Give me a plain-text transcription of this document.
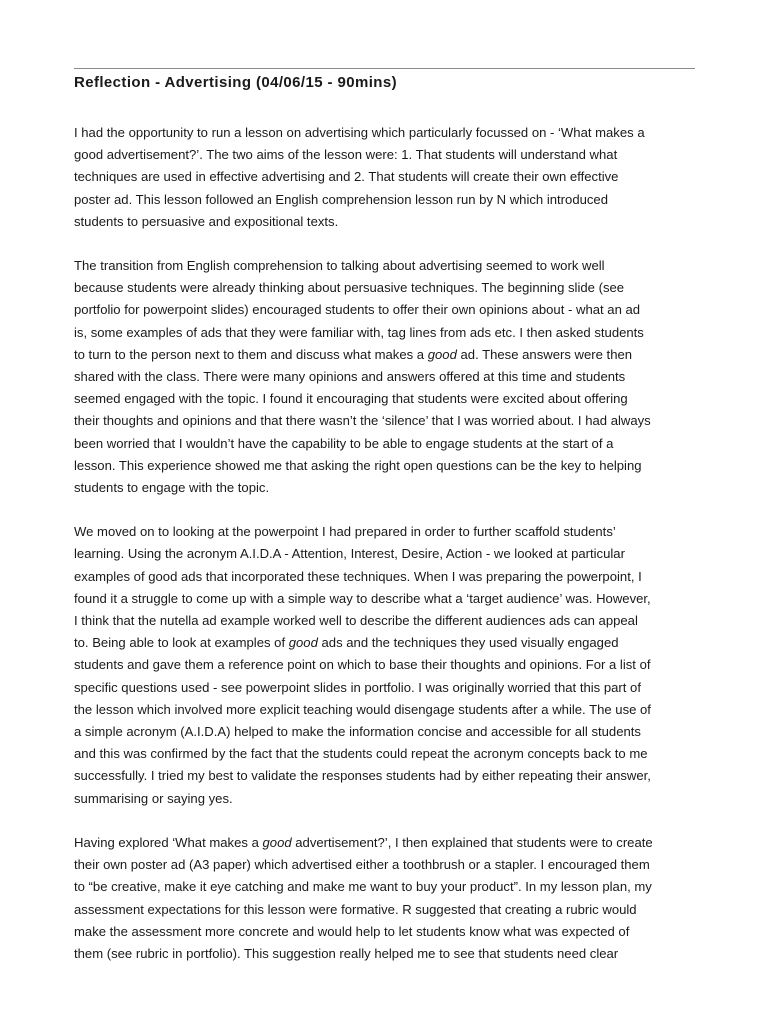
Reflection - Advertising (04/06/15 - 90mins)

I had the opportunity to run a lesson on advertising which particularly focussed on - ‘What makes a
good advertisement?’. The two aims of the lesson were: 1. That students will understand what
techniques are used in effective advertising and 2. That students will create their own effective
poster ad. This lesson followed an English comprehension lesson run by N which introduced
students to persuasive and expositional texts.

The transition from English comprehension to talking about advertising seemed to work well
because students were already thinking about persuasive techniques. The beginning slide (see
portfolio for powerpoint slides) encouraged students to offer their own opinions about - what an ad
is, some examples of ads that they were familiar with, tag lines from ads etc. I then asked students
to turn to the person next to them and discuss what makes a good ad. These answers were then
shared with the class. There were many opinions and answers offered at this time and students
seemed engaged with the topic. I found it encouraging that students were excited about offering
their thoughts and opinions and that there wasn’t the ‘silence’ that I was worried about. I had always
been worried that I wouldn’t have the capability to be able to engage students at the start of a
lesson. This experience showed me that asking the right open questions can be the key to helping
students to engage with the topic.

We moved on to looking at the powerpoint I had prepared in order to further scaffold students’
learning. Using the acronym A.I.D.A - Attention, Interest, Desire, Action - we looked at particular
examples of good ads that incorporated these techniques. When I was preparing the powerpoint, I
found it a struggle to come up with a simple way to describe what a ‘target audience’ was. However,
I think that the nutella ad example worked well to describe the different audiences ads can appeal
to. Being able to look at examples of good ads and the techniques they used visually engaged
students and gave them a reference point on which to base their thoughts and opinions. For a list of
specific questions used - see powerpoint slides in portfolio. I was originally worried that this part of
the lesson which involved more explicit teaching would disengage students after a while. The use of
a simple acronym (A.I.D.A) helped to make the information concise and accessible for all students
and this was confirmed by the fact that the students could repeat the acronym concepts back to me
successfully. I tried my best to validate the responses students had by either repeating their answer,
summarising or saying yes.

Having explored ‘What makes a good advertisement?’, I then explained that students were to create
their own poster ad (A3 paper) which advertised either a toothbrush or a stapler. I encouraged them
to “be creative, make it eye catching and make me want to buy your product”. In my lesson plan, my
assessment expectations for this lesson were formative. R suggested that creating a rubric would
make the assessment more concrete and would help to let students know what was expected of
them (see rubric in portfolio). This suggestion really helped me to see that students need clear
